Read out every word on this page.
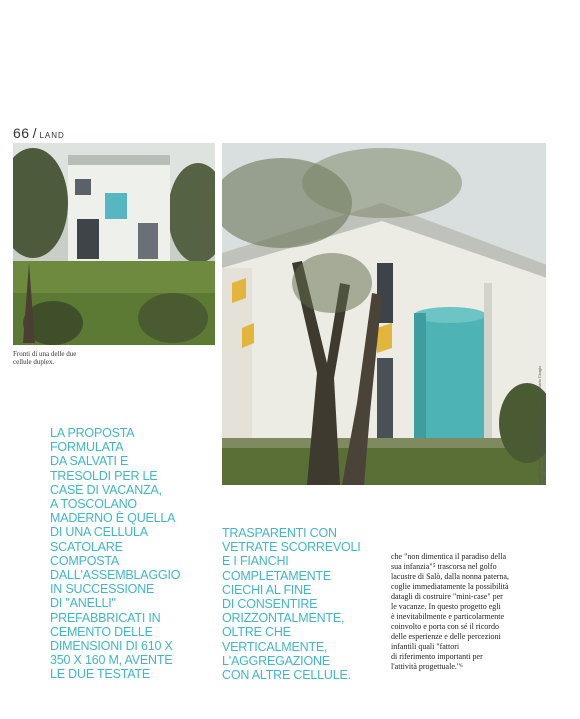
66 / LAND
Fronti di una delle due cellule duplex.
Antonio Piovan. Fotografie di Giorgio Casali - Piovan © Archivio Giorgio Casali - Università IUAV di Venezia
LA PROPOSTA
FORMULATA
DA SALVATI E
TRESOLDI PER LE
CASE DI VACANZA,
A TOSCOLANO
MADERNO È QUELLA
DI UNA CELLULA
SCATOLARE
COMPOSTA
DALL'ASSEMBLAGGIO
IN SUCCESSIONE
DI "ANELLI"
PREFABBRICATI IN
CEMENTO DELLE
DIMENSIONI DI 610 X
350 X 160 M, AVENTE
LE DUE TESTATE
TRASPARENTI CON
VETRATE SCORREVOLI
E I FIANCHI
COMPLETAMENTE
CIECHI AL FINE
DI CONSENTIRE
ORIZZONTALMENTE,
OLTRE CHE
VERTICALMENTE,
L'AGGREGAZIONE
CON ALTRE CELLULE.
che "non dimentica il paradiso della
sua infanzia"⁵ trascorsa nel golfo
lacustre di Salò, dalla nonna paterna,
coglie immediatamente la possibilità
datagli di costruire "mini-case" per
le vacanze. In questo progetto egli
è inevitabilmente e particolarmente
coinvolto e porta con sé il ricordo
delle esperienze e delle percezioni
infantili quali "fattori
di riferimento importanti per
l'attività progettuale."⁶
